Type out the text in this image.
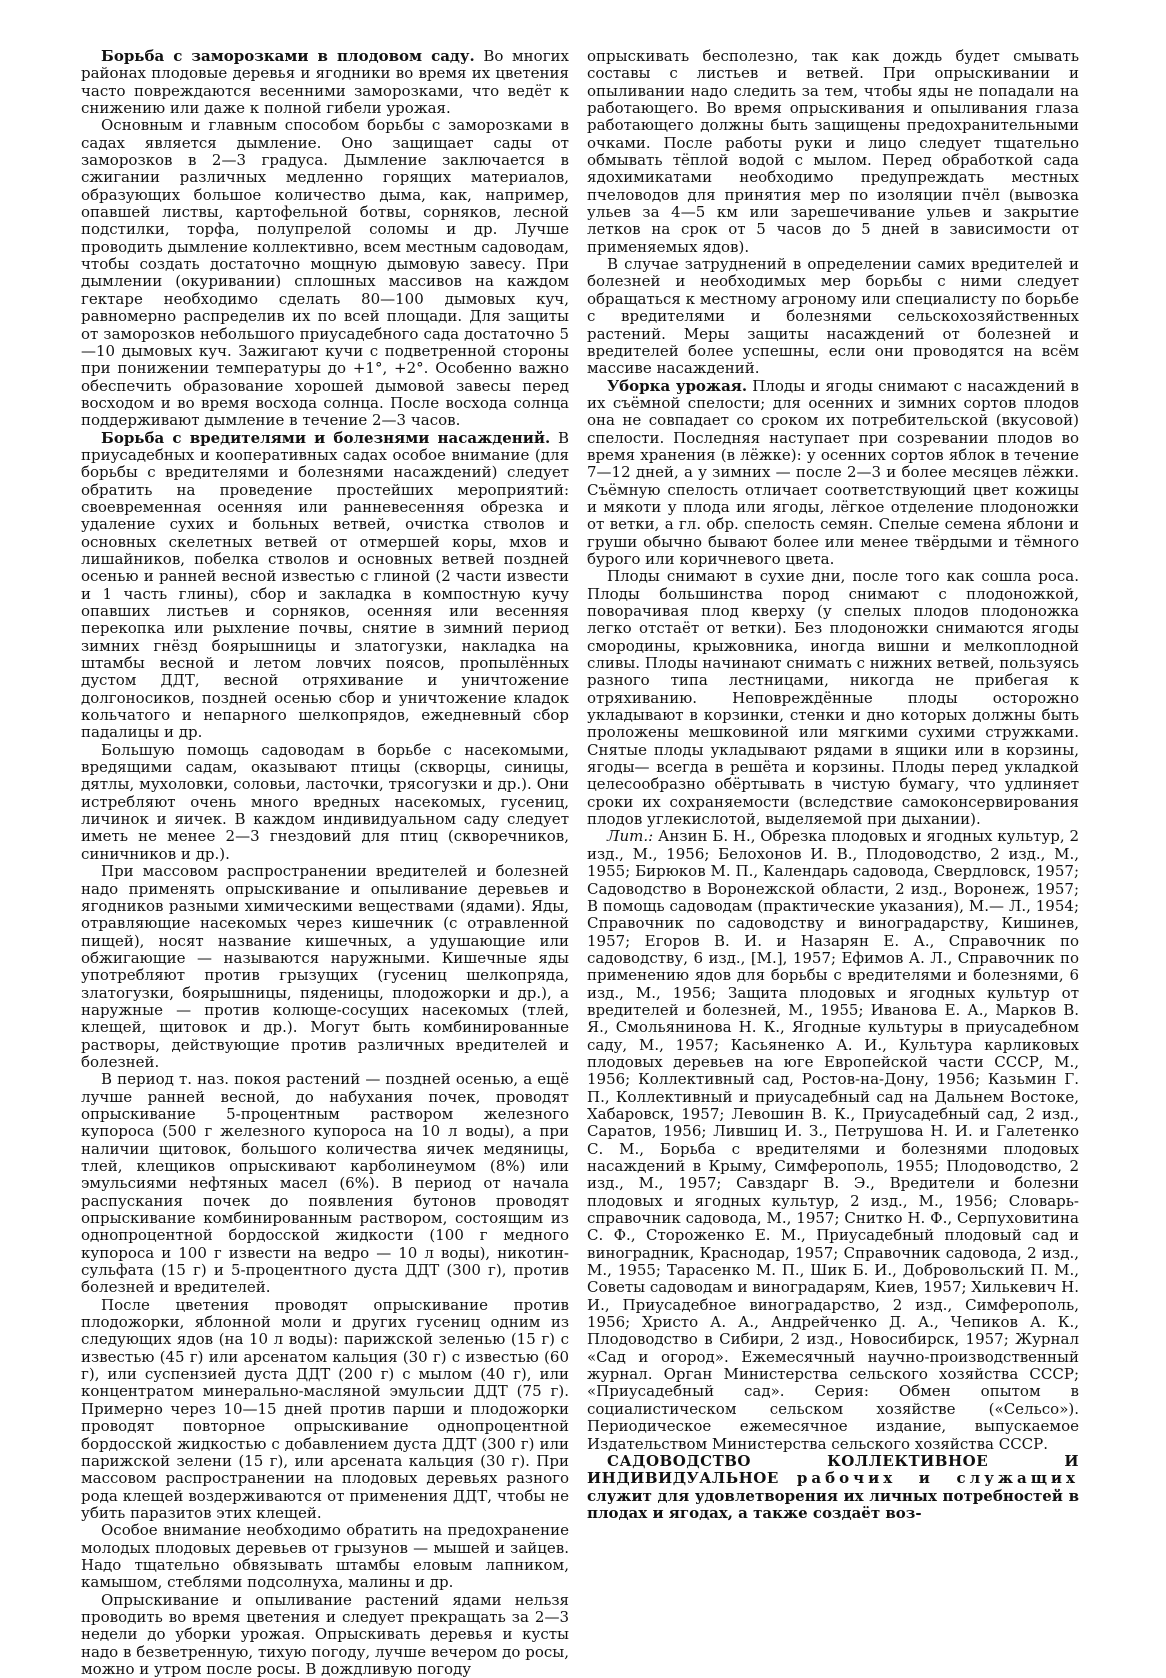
Борьба с заморозками в плодовом саду. Во многих районах плодовые деревья и ягодники во время их цветения часто повреждаются весенними заморозками, что ведёт к снижению или даже к полной гибели урожая.

Основным и главным способом борьбы с заморозками в садах является дымление. Оно защищает сады от заморозков в 2—3 градуса. Дымление заключается в сжигании различных медленно горящих материалов, образующих большое количество дыма, как, например, опавшей листвы, картофельной ботвы, сорняков, лесной подстилки, торфа, полупрелой соломы и др. Лучше проводить дымление коллективно, всем местным садоводам, чтобы создать достаточно мощную дымовую завесу. При дымлении (окуривании) сплошных массивов на каждом гектаре необходимо сделать 80—100 дымовых куч, равномерно распределив их по всей площади. Для защиты от заморозков небольшого приусадебного сада достаточно 5—10 дымовых куч. Зажигают кучи с подветренной стороны при понижении температуры до +1°, +2°. Особенно важно обеспечить образование хорошей дымовой завесы перед восходом и во время восхода солнца. После восхода солнца поддерживают дымление в течение 2—3 часов.

Борьба с вредителями и болезнями насаждений. В приусадебных и кооперативных садах особое внимание (для борьбы с вредителями и болезнями насаждений) следует обратить на проведение простейших мероприятий: своевременная осенняя или ранневесенняя обрезка и удаление сухих и больных ветвей, очистка стволов и основных скелетных ветвей от отмершей коры, мхов и лишайников, побелка стволов и основных ветвей поздней осенью и ранней весной известью с глиной (2 части извести и 1 часть глины), сбор и закладка в компостную кучу опавших листьев и сорняков, осенняя или весенняя перекопка или рыхление почвы, снятие в зимний период зимних гнёзд боярышницы и златогузки, накладка на штамбы весной и летом ловчих поясов, пропылённых дустом ДДТ, весной отряхивание и уничтожение долгоносиков, поздней осенью сбор и уничтожение кладок кольчатого и непарного шелкопрядов, ежедневный сбор падалицы и др.

Большую помощь садоводам в борьбе с насекомыми, вредящими садам, оказывают птицы (скворцы, синицы, дятлы, мухоловки, соловьи, ласточки, трясогузки и др.). Они истребляют очень много вредных насекомых, гусениц, личинок и яичек. В каждом индивидуальном саду следует иметь не менее 2—3 гнездовий для птиц (скворечников, синичников и др.).

При массовом распространении вредителей и болезней надо применять опрыскивание и опыливание деревьев и ягодников разными химическими веществами (ядами). Яды, отравляющие насекомых через кишечник (с отравленной пищей), носят название кишечных, а удушающие или обжигающие — называются наружными. Кишечные яды употребляют против грызущих (гусениц шелкопряда, златогузки, боярышницы, пяденицы, плодожорки и др.), а наружные — против колюще-сосущих насекомых (тлей, клещей, щитовок и др.). Могут быть комбинированные растворы, действующие против различных вредителей и болезней.

В период т. наз. покоя растений — поздней осенью, а ещё лучше ранней весной, до набухания почек, проводят опрыскивание 5-процентным раствором железного купороса (500 г железного купороса на 10 л воды), а при наличии щитовок, большого количества яичек медяницы, тлей, клещиков опрыскивают карболинеумом (8%) или эмульсиями нефтяных масел (6%). В период от начала распускания почек до появления бутонов проводят опрыскивание комбинированным раствором, состоящим из однопроцентной бордосской жидкости (100 г медного купороса и 100 г извести на ведро — 10 л воды), никотин-сульфата (15 г) и 5-процентного дуста ДДТ (300 г), против болезней и вредителей.

После цветения проводят опрыскивание против плодожорки, яблонной моли и других гусениц одним из следующих ядов (на 10 л воды): парижской зеленью (15 г) с известью (45 г) или арсенатом кальция (30 г) с известью (60 г), или суспензией дуста ДДТ (200 г) с мылом (40 г), или концентратом минерально-масляной эмульсии ДДТ (75 г). Примерно через 10—15 дней против парши и плодожорки проводят повторное опрыскивание однопроцентной бордосской жидкостью с добавлением дуста ДДТ (300 г) или парижской зелени (15 г), или арсената кальция (30 г). При массовом распространении на плодовых деревьях разного рода клещей воздерживаются от применения ДДТ, чтобы не убить паразитов этих клещей.

Особое внимание необходимо обратить на предохранение молодых плодовых деревьев от грызунов — мышей и зайцев. Надо тщательно обвязывать штамбы еловым лапником, камышом, стеблями подсолнуха, малины и др.

Опрыскивание и опыливание растений ядами нельзя проводить во время цветения и следует прекращать за 2—3 недели до уборки урожая. Опрыскивать деревья и кусты надо в безветренную, тихую погоду, лучше вечером до росы, можно и утром после росы. В дождливую погоду

опрыскивать бесполезно, так как дождь будет смывать составы с листьев и ветвей. При опрыскивании и опыливании надо следить за тем, чтобы яды не попадали на работающего. Во время опрыскивания и опыливания глаза работающего должны быть защищены предохранительными очками. После работы руки и лицо следует тщательно обмывать тёплой водой с мылом. Перед обработкой сада ядохимикатами необходимо предупреждать местных пчеловодов для принятия мер по изоляции пчёл (вывозка ульев за 4—5 км или зарешечивание ульев и закрытие летков на срок от 5 часов до 5 дней в зависимости от применяемых ядов).

В случае затруднений в определении самих вредителей и болезней и необходимых мер борьбы с ними следует обращаться к местному агроному или специалисту по борьбе с вредителями и болезнями сельскохозяйственных растений. Меры защиты насаждений от болезней и вредителей более успешны, если они проводятся на всём массиве насаждений.

Уборка урожая. Плоды и ягоды снимают с насаждений в их съёмной спелости; для осенних и зимних сортов плодов она не совпадает со сроком их потребительской (вкусовой) спелости. Последняя наступает при созревании плодов во время хранения (в лёжке): у осенних сортов яблок в течение 7—12 дней, а у зимних — после 2—3 и более месяцев лёжки. Съёмную спелость отличает соответствующий цвет кожицы и мякоти у плода или ягоды, лёгкое отделение плодоножки от ветки, а гл. обр. спелость семян. Спелые семена яблони и груши обычно бывают более или менее твёрдыми и тёмного бурого или коричневого цвета.

Плоды снимают в сухие дни, после того как сошла роса. Плоды большинства пород снимают с плодоножкой, поворачивая плод кверху (у спелых плодов плодоножка легко отстаёт от ветки). Без плодоножки снимаются ягоды смородины, крыжовника, иногда вишни и мелкоплодной сливы. Плоды начинают снимать с нижних ветвей, пользуясь разного типа лестницами, никогда не прибегая к отряхиванию. Неповреждённые плоды осторожно укладывают в корзинки, стенки и дно которых должны быть проложены мешковиной или мягкими сухими стружками. Снятые плоды укладывают рядами в ящики или в корзины, ягоды— всегда в решёта и корзины. Плоды перед укладкой целесообразно обёртывать в чистую бумагу, что удлиняет сроки их сохраняемости (вследствие самоконсервирования плодов углекислотой, выделяемой при дыхании).

Лит.: Анзин Б. Н., Обрезка плодовых и ягодных культур, 2 изд., М., 1956; Белохонов И. В., Плодоводство, 2 изд., М., 1955; Бирюков М. П., Календарь садовода, Свердловск, 1957; Садоводство в Воронежской области, 2 изд., Воронеж, 1957; В помощь садоводам (практические указания), М.— Л., 1954; Справочник по садоводству и виноградарству, Кишинев, 1957; Егоров В. И. и Назарян Е. А., Справочник по садоводству, 6 изд., [М.], 1957; Ефимов А. Л., Справочник по применению ядов для борьбы с вредителями и болезнями, 6 изд., М., 1956; Защита плодовых и ягодных культур от вредителей и болезней, М., 1955; Иванова Е. А., Марков В. Я., Смольянинова Н. К., Ягодные культуры в приусадебном саду, М., 1957; Касьяненко А. И., Культура карликовых плодовых деревьев на юге Европейской части СССР, М., 1956; Коллективный сад, Ростов-на-Дону, 1956; Казьмин Г. П., Коллективный и приусадебный сад на Дальнем Востоке, Хабаровск, 1957; Левошин В. К., Приусадебный сад, 2 изд., Саратов, 1956; Лившиц И. З., Петрушова Н. И. и Галетенко С. М., Борьба с вредителями и болезнями плодовых насаждений в Крыму, Симферополь, 1955; Плодоводство, 2 изд., М., 1957; Савздарг В. Э., Вредители и болезни плодовых и ягодных культур, 2 изд., М., 1956; Словарь-справочник садовода, М., 1957; Снитко Н. Ф., Серпуховитина С. Ф., Стороженко Е. М., Приусадебный плодовый сад и виноградник, Краснодар, 1957; Справочник садовода, 2 изд., М., 1955; Тарасенко М. П., Шик Б. И., Добровольский П. М., Советы садоводам и виноградарям, Киев, 1957; Хилькевич Н. И., Приусадебное виноградарство, 2 изд., Симферополь, 1956; Христо А. А., Андрейченко Д. А., Чепиков А. К., Плодоводство в Сибири, 2 изд., Новосибирск, 1957; Журнал «Сад и огород». Ежемесячный научно-производственный журнал. Орган Министерства сельского хозяйства СССР; «Приусадебный сад». Серия: Обмен опытом в социалистическом сельском хозяйстве («Сельсо»). Периодическое ежемесячное издание, выпускаемое Издательством Министерства сельского хозяйства СССР.

САДОВОДСТВО КОЛЛЕКТИВНОЕ И ИНДИВИДУАЛЬНОЕ рабочих и служащих служит для удовлетворения их личных потребностей в плодах и ягодах, а также создаёт воз-
